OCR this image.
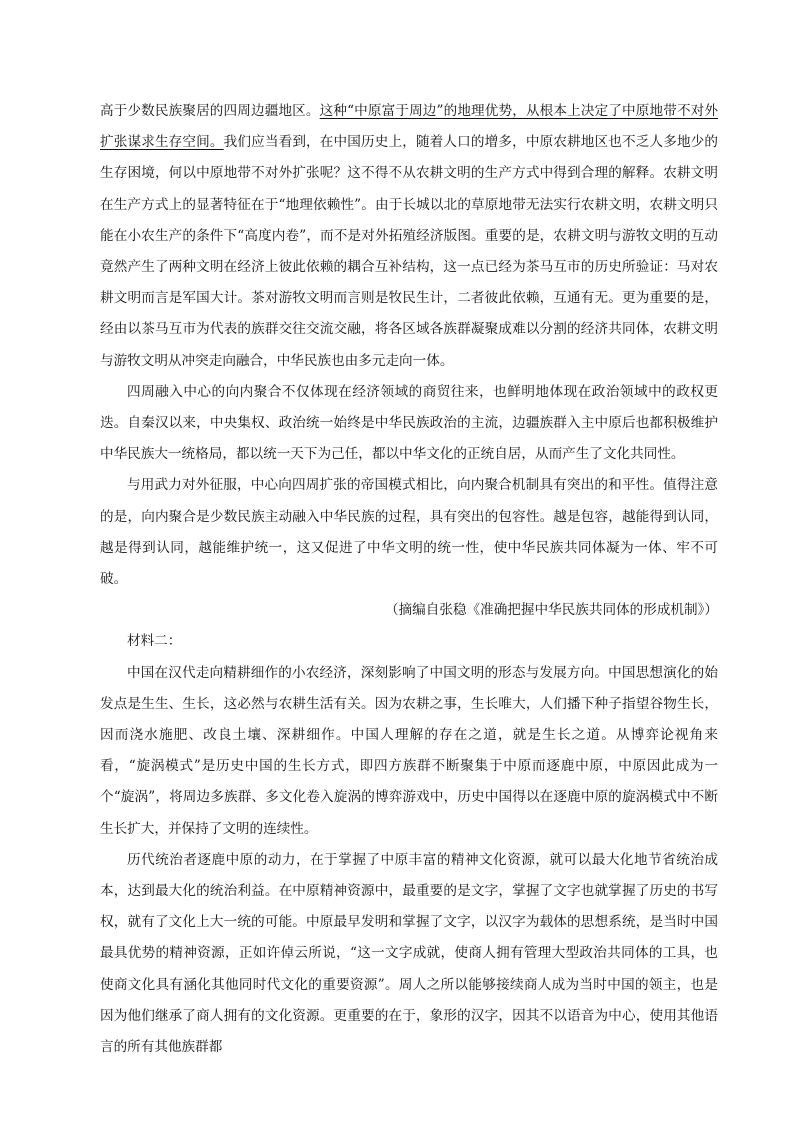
高于少数民族聚居的四周边疆地区。这种“中原富于周边”的地理优势，从根本上决定了中原地带不对外扩张谋求生存空间。我们应当看到，在中国历史上，随着人口的增多，中原农耕地区也不乏人多地少的生存困境，何以中原地带不对外扩张呢？这不得不从农耕文明的生产方式中得到合理的解释。农耕文明在生产方式上的显著特征在于“地理依赖性”。由于长城以北的草原地带无法实行农耕文明，农耕文明只能在小农生产的条件下“高度内卷”，而不是对外拓殖经济版图。重要的是，农耕文明与游牧文明的互动竟然产生了两种文明在经济上彼此依赖的耦合互补结构，这一点已经为茶马互市的历史所验证：马对农耕文明而言是军国大计。茶对游牧文明而言则是牧民生计，二者彼此依赖，互通有无。更为重要的是，经由以茶马互市为代表的族群交往交流交融，将各区域各族群凝聚成难以分割的经济共同体，农耕文明与游牧文明从冲突走向融合，中华民族也由多元走向一体。

四周融入中心的向内聚合不仅体现在经济领域的商贸往来，也鲜明地体现在政治领域中的政权更迭。自秦汉以来，中央集权、政治统一始终是中华民族政治的主流，边疆族群入主中原后也都积极维护中华民族大一统格局，都以统一天下为己任，都以中华文化的正统自居，从而产生了文化共同性。

与用武力对外征服，中心向四周扩张的帝国模式相比，向内聚合机制具有突出的和平性。值得注意的是，向内聚合是少数民族主动融入中华民族的过程，具有突出的包容性。越是包容，越能得到认同，越是得到认同，越能维护统一，这又促进了中华文明的统一性，使中华民族共同体凝为一体、牢不可破。

（摘编自张稳《准确把握中华民族共同体的形成机制》）

材料二：

中国在汉代走向精耕细作的小农经济，深刻影响了中国文明的形态与发展方向。中国思想演化的始发点是生生、生长，这必然与农耕生活有关。因为农耕之事，生长唯大，人们播下种子指望谷物生长，因而浇水施肥、改良土壤、深耕细作。中国人理解的存在之道，就是生长之道。从博弈论视角来看，“旋涡模式”是历史中国的生长方式，即四方族群不断聚集于中原而逐鹿中原，中原因此成为一个“旋涡”，将周边多族群、多文化卷入旋涡的博弈游戏中，历史中国得以在逐鹿中原的旋涡模式中不断生长扩大，并保持了文明的连续性。

历代统治者逐鹿中原的动力，在于掌握了中原丰富的精神文化资源，就可以最大化地节省统治成本，达到最大化的统治利益。在中原精神资源中，最重要的是文字，掌握了文字也就掌握了历史的书写权，就有了文化上大一统的可能。中原最早发明和掌握了文字，以汉字为载体的思想系统，是当时中国最具优势的精神资源，正如许倬云所说，“这一文字成就，使商人拥有管理大型政治共同体的工具，也使商文化具有涵化其他同时代文化的重要资源”。周人之所以能够接续商人成为当时中国的领主，也是因为他们继承了商人拥有的文化资源。更重要的在于，象形的汉字，因其不以语音为中心，使用其他语言的所有其他族群都
